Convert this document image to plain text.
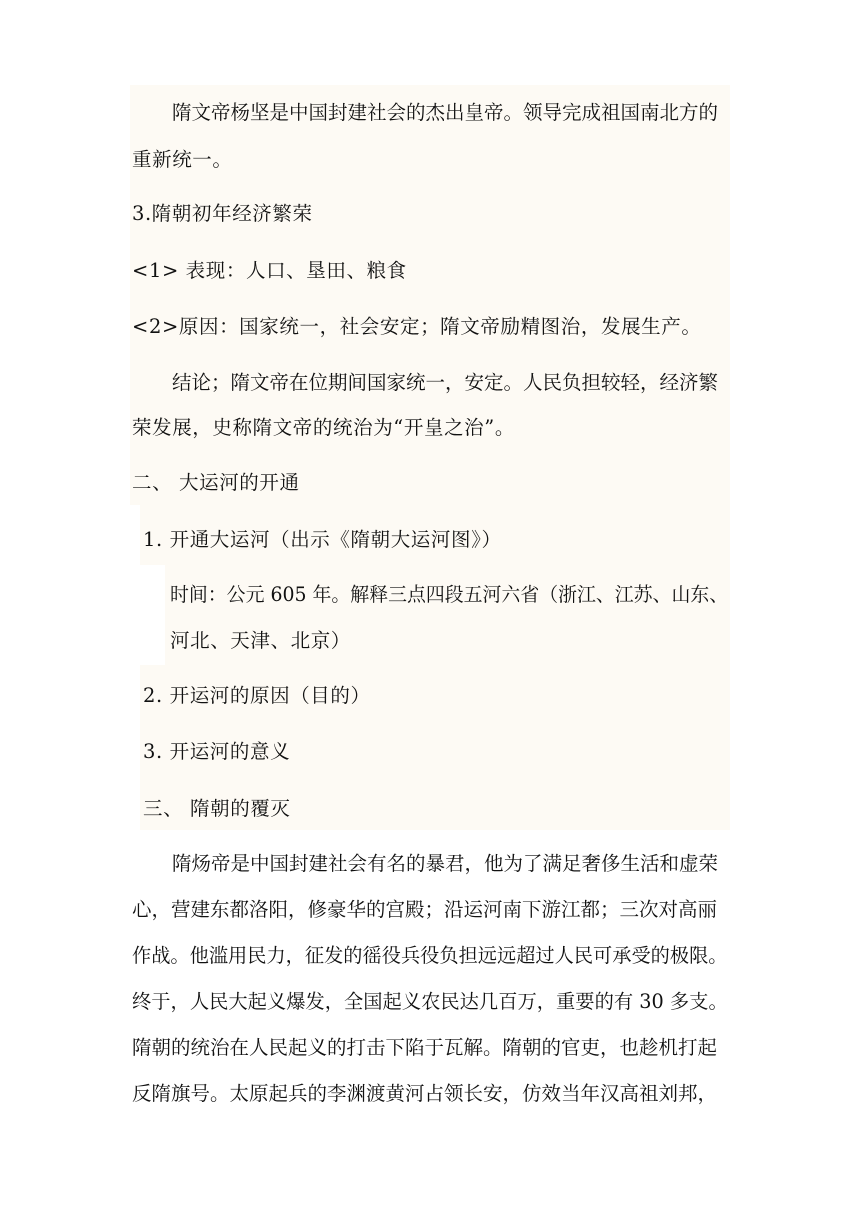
隋文帝杨坚是中国封建社会的杰出皇帝。领导完成祖国南北方的
重新统一。
3.隋朝初年经济繁荣
<1> 表现：人口、垦田、粮食
<2>原因：国家统一，社会安定；隋文帝励精图治，发展生产。
结论；隋文帝在位期间国家统一，安定。人民负担较轻，经济繁
荣发展，史称隋文帝的统治为“开皇之治”。
二、 大运河的开通
1. 开通大运河（出示《隋朝大运河图》）
时间：公元 605 年。解释三点四段五河六省（浙江、江苏、山东、
河北、天津、北京）
2. 开运河的原因（目的）
3. 开运河的意义
三、 隋朝的覆灭
隋炀帝是中国封建社会有名的暴君，他为了满足奢侈生活和虚荣
心，营建东都洛阳，修豪华的宫殿；沿运河南下游江都；三次对高丽
作战。他滥用民力，征发的徭役兵役负担远远超过人民可承受的极限。
终于，人民大起义爆发，全国起义农民达几百万，重要的有 30 多支。
隋朝的统治在人民起义的打击下陷于瓦解。隋朝的官吏，也趁机打起
反隋旗号。太原起兵的李渊渡黄河占领长安，仿效当年汉高祖刘邦，
